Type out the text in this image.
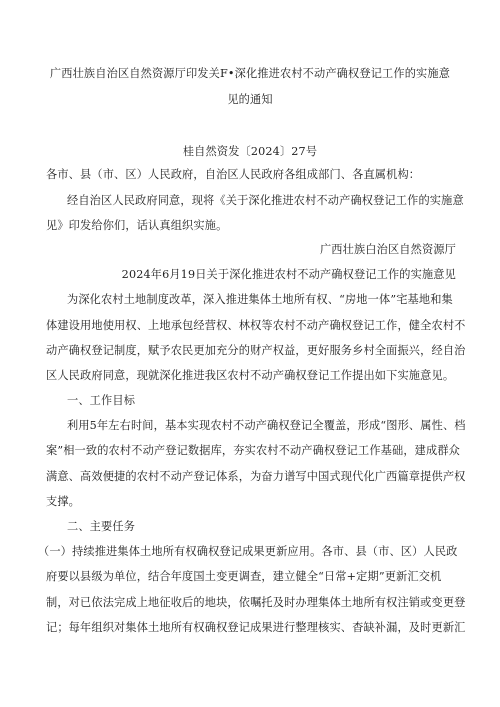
广西壮族自治区自然资源厅印发关F•深化推进农村不动产确权登记工作的实施意
见的通知
桂自然资发〔2024〕27号
各市、县（市、区）人民政府，自治区人民政府各组成部门、各直属机构：
经自治区人民政府同意，现将《关于深化推进农村不动产确权登记工作的实施意
见》印发给你们，话认真组织实施。
广西壮族白治区自然资源厅
2024年6月19日关于深化推进农村不动产确权登记工作的实施意见
为深化农村土地制度改革，深入推进集体土地所有权、“房地一体”宅基地和集
体建设用地使用权、上地承包经营权、林权等农村不动产确权登记工作，健全农村不
动产确权登记制度，赋予农民更加充分的财产权益，更好服务乡村全面振兴，经自治
区人民政府同意，现就深化推进我区农村不动产确权登记工作提出如下实施意见。
一、工作目标
利用5年左右时间，基本实现农村不动产确权登记全覆盖，形成“图形、属性、档
案”相一致的农村不动产登记数据库，夯实农村不动产确权登记工作基础，建成群众
满意、高效便捷的农村不动产登记体系，为奋力谱写中国式现代化广西篇章提供产权
支撑。
二、主要任务
（一）持续推进集体土地所有权确权登记成果更新应用。各市、县（市、区）人民政
府要以县级为单位，结合年度国土变更调查，建立健全“日常+定期”更新汇交机
制，对已依法完成上地征收后的地块，依嘱托及时办理集体土地所有权注销或变更登
记；每年组织对集体土地所有权确权登记成果进行整理核实、杳缺补漏，及时更新汇
